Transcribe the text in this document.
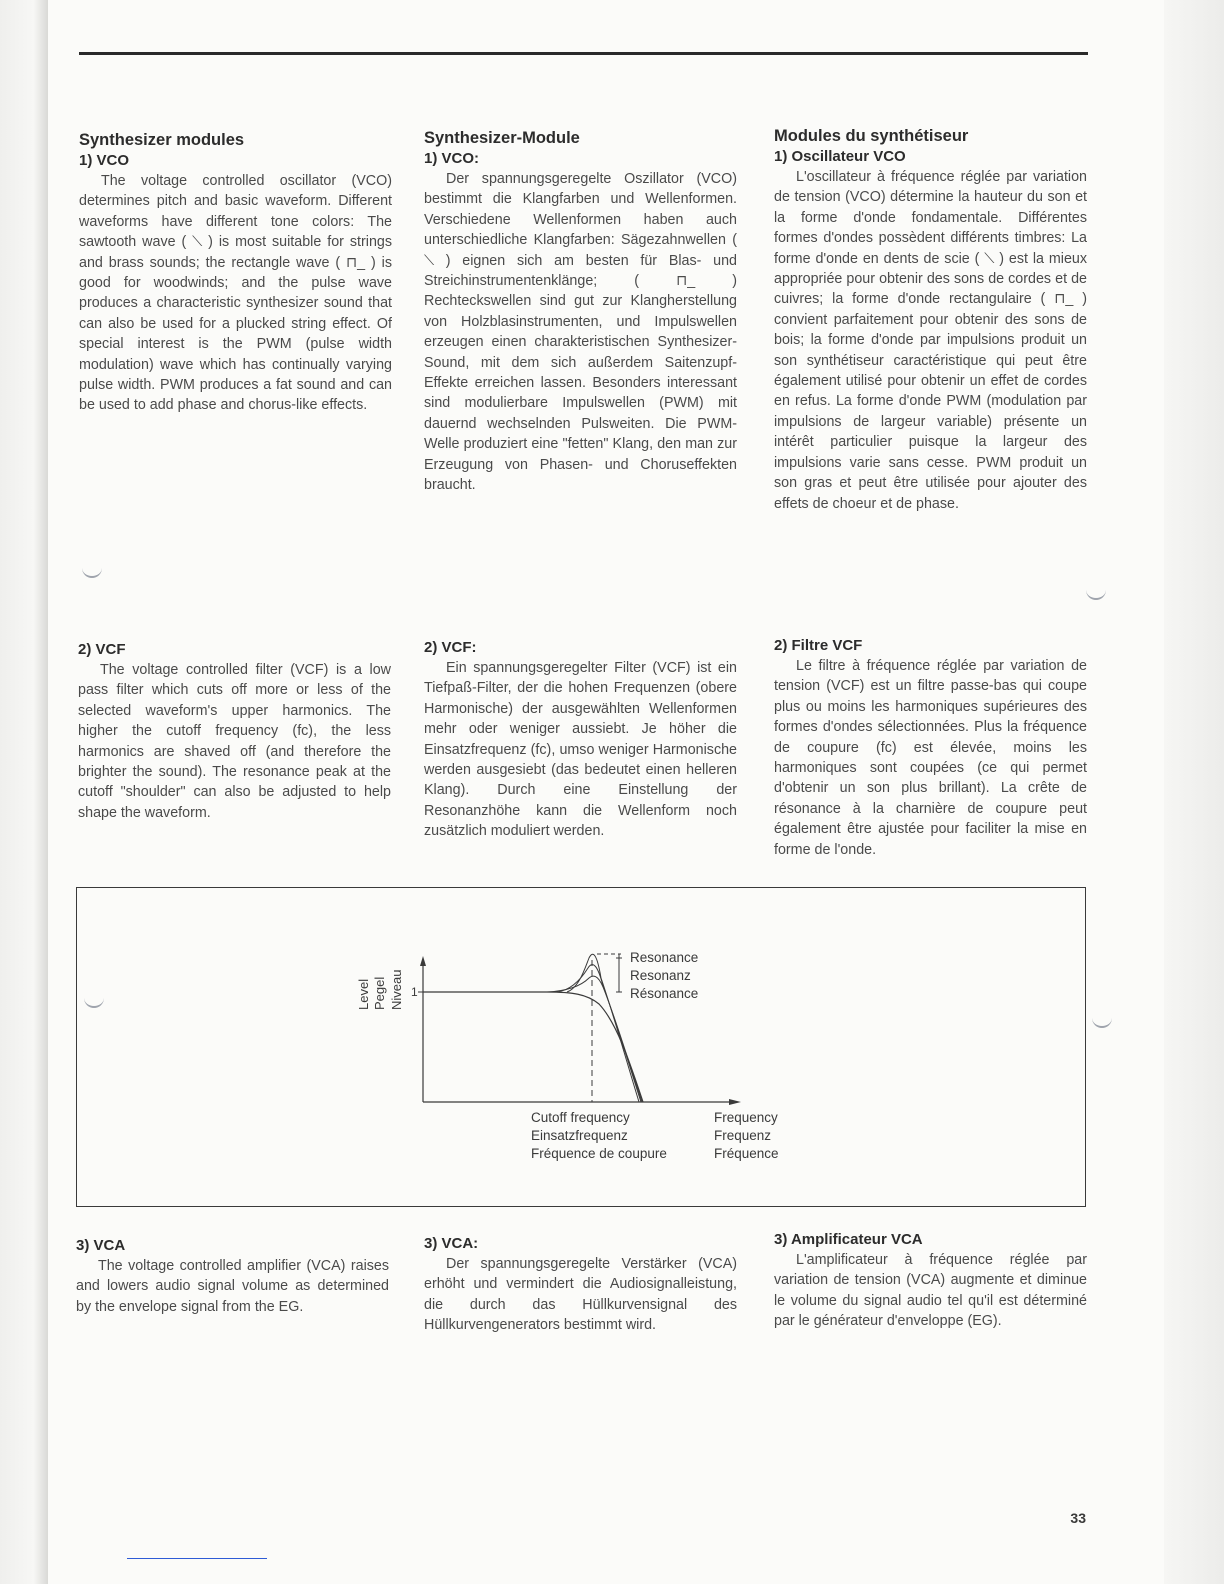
Synthesizer modules
1) VCO

The voltage controlled oscillator (VCO) determines pitch and basic waveform. Different waveforms have different tone colors: The sawtooth wave ( ⟍ ) is most suitable for strings and brass sounds; the rectangle wave ( ⊓_ ) is good for woodwinds; and the pulse wave produces a characteristic synthesizer sound that can also be used for a plucked string effect. Of special interest is the PWM (pulse width modulation) wave which has continually varying pulse width. PWM produces a fat sound and can be used to add phase and chorus-like effects.

2) VCF

The voltage controlled filter (VCF) is a low pass filter which cuts off more or less of the selected waveform's upper harmonics. The higher the cutoff frequency (fc), the less harmonics are shaved off (and therefore the brighter the sound). The resonance peak at the cutoff "shoulder" can also be adjusted to help shape the waveform.

3) VCA

The voltage controlled amplifier (VCA) raises and lowers audio signal volume as determined by the envelope signal from the EG.

Synthesizer-Module
1) VCO:

Der spannungsgeregelte Oszillator (VCO) bestimmt die Klangfarben und Wellenformen. Verschiedene Wellenformen haben auch unterschiedliche Klangfarben: Sägezahnwellen ( ⟍ ) eignen sich am besten für Blas- und Streichinstrumentenklänge; ( ⊓_ ) Rechteckswellen sind gut zur Klangherstellung von Holzblasinstrumenten, und Impulswellen erzeugen einen charakteristischen Synthesizer-Sound, mit dem sich außerdem Saitenzupf-Effekte erreichen lassen. Besonders interessant sind modulierbare Impulswellen (PWM) mit dauernd wechselnden Pulsweiten. Die PWM-Welle produziert eine "fetten" Klang, den man zur Erzeugung von Phasen- und Choruseffekten braucht.

2) VCF:

Ein spannungsgeregelter Filter (VCF) ist ein Tiefpaß-Filter, der die hohen Frequenzen (obere Harmonische) der ausgewählten Wellenformen mehr oder weniger aussiebt. Je höher die Einsatzfrequenz (fc), umso weniger Harmonische werden ausgesiebt (das bedeutet einen helleren Klang). Durch eine Einstellung der Resonanzhöhe kann die Wellenform noch zusätzlich moduliert werden.

3) VCA:

Der spannungsgeregelte Verstärker (VCA) erhöht und vermindert die Audiosignalleistung, die durch das Hüllkurvensignal des Hüllkurvengenerators bestimmt wird.

Modules du synthétiseur
1) Oscillateur VCO

L'oscillateur à fréquence réglée par variation de tension (VCO) détermine la hauteur du son et la forme d'onde fondamentale. Différentes formes d'ondes possèdent différents timbres: La forme d'onde en dents de scie ( ⟍ ) est la mieux appropriée pour obtenir des sons de cordes et de cuivres; la forme d'onde rectangulaire ( ⊓_ ) convient parfaitement pour obtenir des sons de bois; la forme d'onde par impulsions produit un son synthétiseur caractéristique qui peut être également utilisé pour obtenir un effet de cordes en refus. La forme d'onde PWM (modulation par impulsions de largeur variable) présente un intérêt particulier puisque la largeur des impulsions varie sans cesse. PWM produit un son gras et peut être utilisée pour ajouter des effets de choeur et de phase.

2) Filtre VCF

Le filtre à fréquence réglée par variation de tension (VCF) est un filtre passe-bas qui coupe plus ou moins les harmoniques supérieures des formes d'ondes sélectionnées. Plus la fréquence de coupure (fc) est élevée, moins les harmoniques sont coupées (ce qui permet d'obtenir un son plus brillant). La crête de résonance à la charnière de coupure peut également être ajustée pour faciliter la mise en forme de l'onde.

3) Amplificateur VCA

L'amplificateur à fréquence réglée par variation de tension (VCA) augmente et diminue le volume du signal audio tel qu'il est déterminé par le générateur d'enveloppe (EG).

Level Pegel Niveau 1
Resonance
Resonanz
Résonance
Cutoff frequency
Einsatzfrequenz
Fréquence de coupure
Frequency
Frequenz
Fréquence
33
